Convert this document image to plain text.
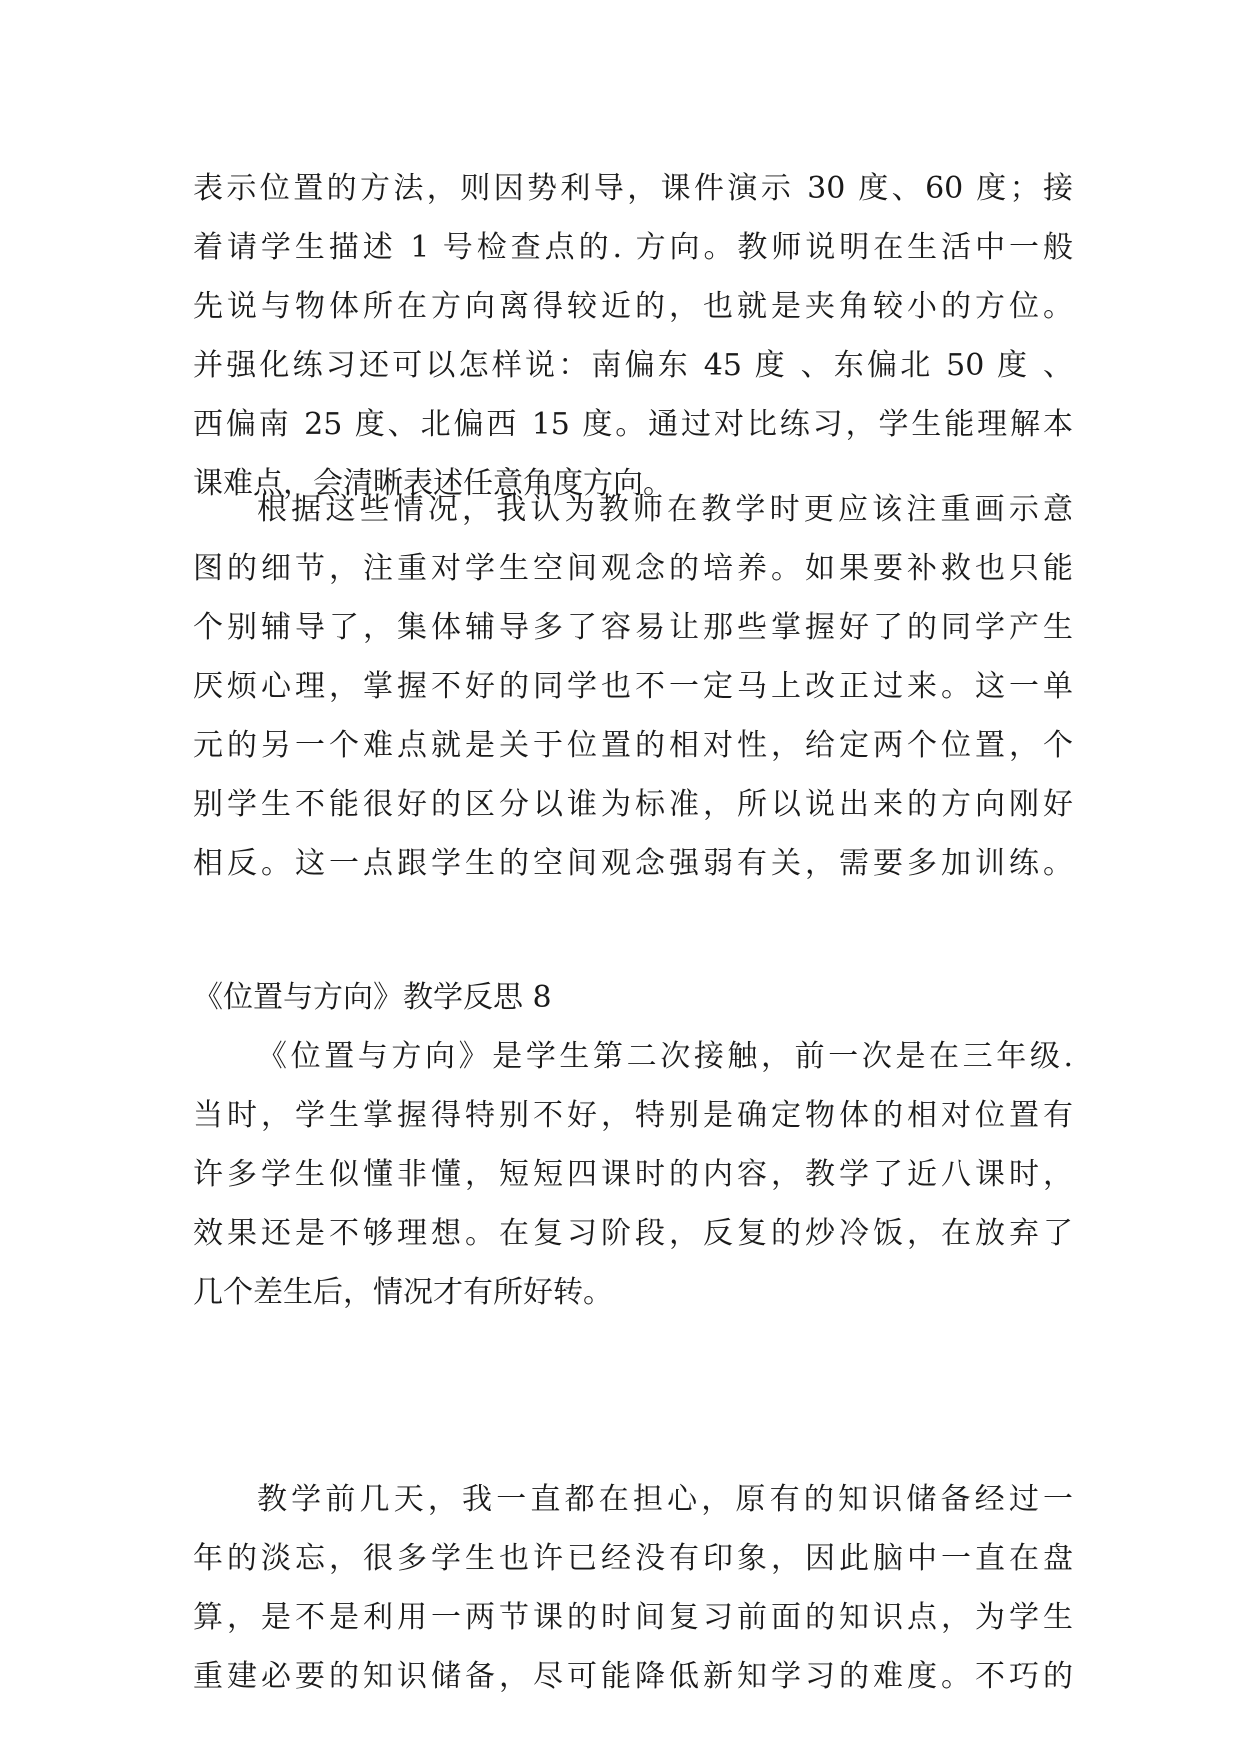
表示位置的方法，则因势利导，课件演示 30 度、60 度；接
着请学生描述 1 号检查点的. 方向。教师说明在生活中一般
先说与物体所在方向离得较近的，也就是夹角较小的方位。
并强化练习还可以怎样说：南偏东 45 度 、东偏北 50 度 、
西偏南 25 度、北偏西 15 度。通过对比练习，学生能理解本
课难点，会清晰表述任意角度方向。
根据这些情况，我认为教师在教学时更应该注重画示意
图的细节，注重对学生空间观念的培养。如果要补救也只能
个别辅导了，集体辅导多了容易让那些掌握好了的同学产生
厌烦心理，掌握不好的同学也不一定马上改正过来。这一单
元的另一个难点就是关于位置的相对性，给定两个位置，个
别学生不能很好的区分以谁为标准，所以说出来的方向刚好
相反。这一点跟学生的空间观念强弱有关，需要多加训练。
《位置与方向》教学反思 8
《位置与方向》是学生第二次接触，前一次是在三年级.
当时，学生掌握得特别不好，特别是确定物体的相对位置有
许多学生似懂非懂，短短四课时的内容，教学了近八课时，
效果还是不够理想。在复习阶段，反复的炒冷饭，在放弃了
几个差生后，情况才有所好转。
教学前几天，我一直都在担心，原有的知识储备经过一
年的淡忘，很多学生也许已经没有印象，因此脑中一直在盘
算，是不是利用一两节课的时间复习前面的知识点，为学生
重建必要的知识储备，尽可能降低新知学习的难度。不巧的
